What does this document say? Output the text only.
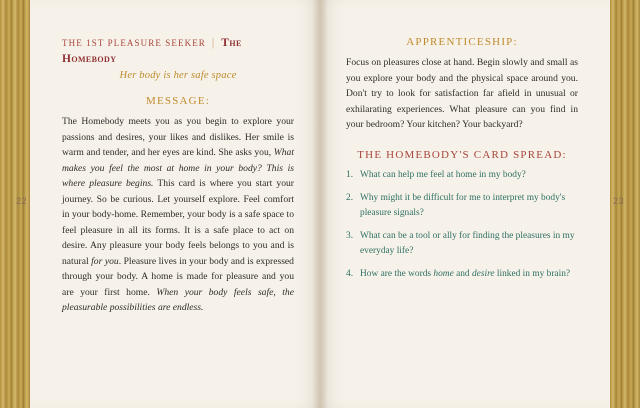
22	23
THE 1ST PLEASURE SEEKER | The Homebody

Her body is her safe space

MESSAGE:

The Homebody meets you as you begin to explore your passions and desires, your likes and dislikes. Her smile is warm and tender, and her eyes are kind. She asks you, What makes you feel the most at home in your body? This is where pleasure begins. This card is where you start your journey. So be curious. Let yourself explore. Feel comfort in your body-home. Remember, your body is a safe space to feel pleasure in all its forms. It is a safe place to act on desire. Any pleasure your body feels belongs to you and is natural for you. Pleasure lives in your body and is expressed through your body. A home is made for pleasure and you are your first home. When your body feels safe, the pleasurable possibilities are endless.

APPRENTICESHIP:

Focus on pleasures close at hand. Begin slowly and small as you explore your body and the physical space around you. Don't try to look for satisfaction far afield in unusual or exhilarating experiences. What pleasure can you find in your bedroom? Your kitchen? Your backyard?

THE HOMEBODY'S CARD SPREAD:
What can help me feel at home in my body?
Why might it be difficult for me to interpret my body's pleasure signals?
What can be a tool or ally for finding the pleasures in my everyday life?
How are the words home and desire linked in my brain?
